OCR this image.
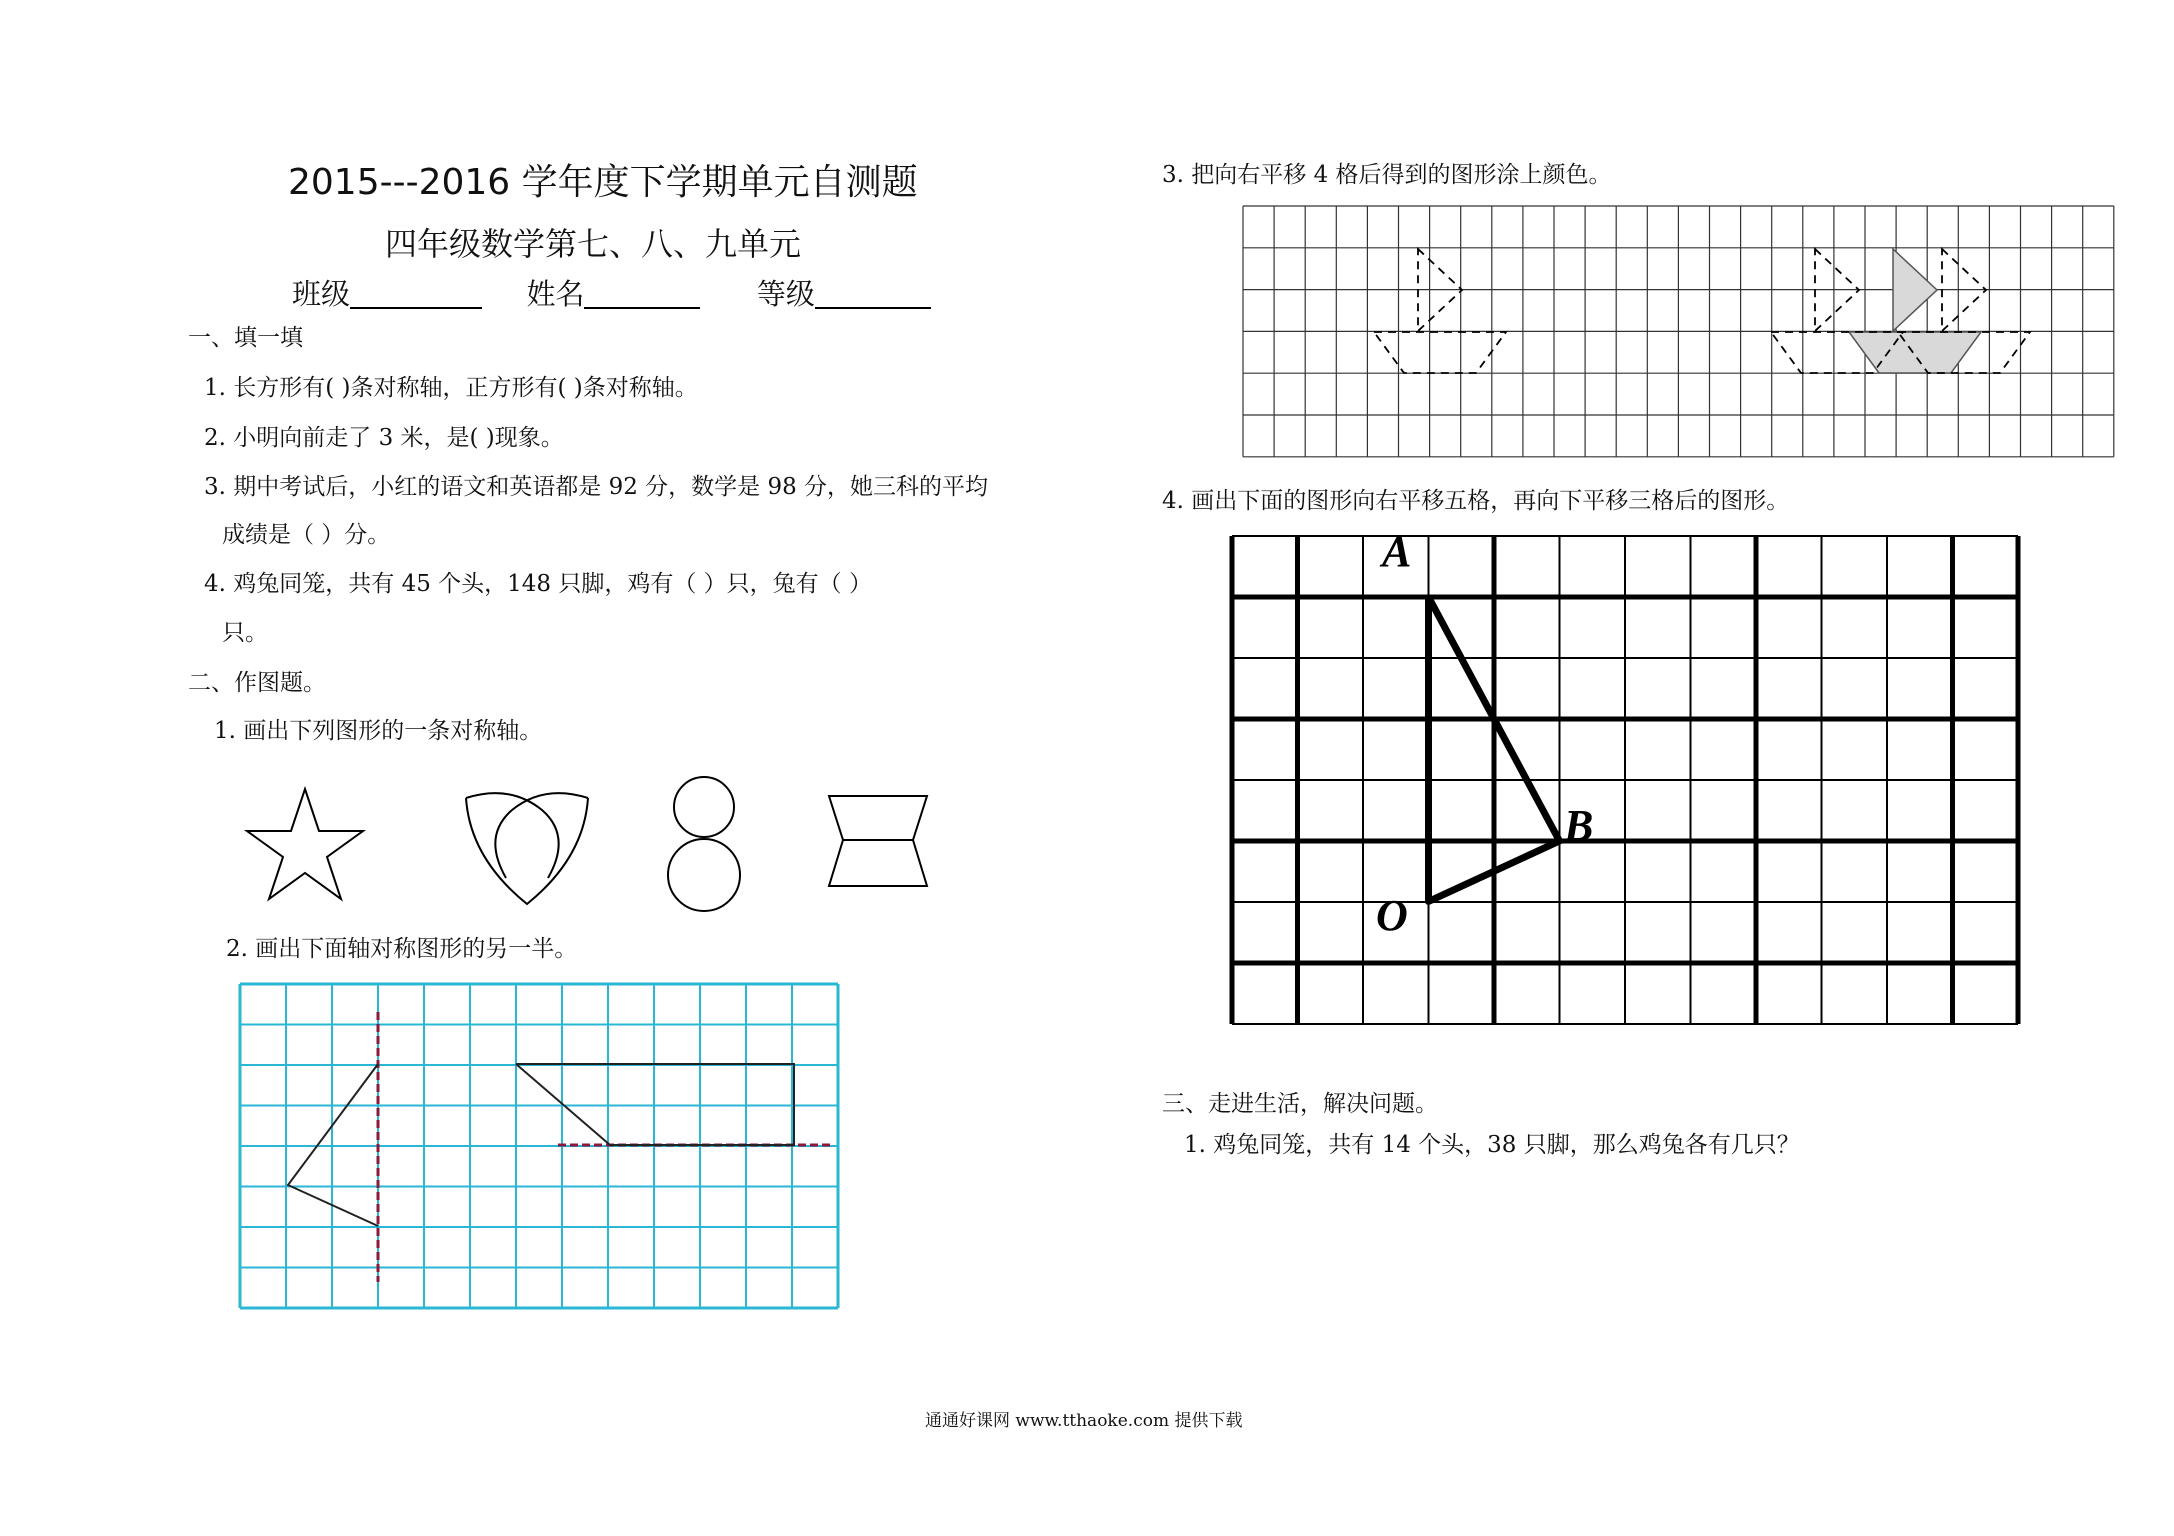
2015---2016 学年度下学期单元自测题
四年级数学第七、八、九单元
班级	姓名	等级
一、填一填
1. 长方形有( )条对称轴，正方形有( )条对称轴。
2. 小明向前走了 3 米，是( )现象。
3. 期中考试后，小红的语文和英语都是 92 分，数学是 98 分，她三科的平均
成绩是（ ）分。
4. 鸡兔同笼，共有 45 个头，148 只脚，鸡有（ ）只，兔有（ ）
只。
二、作图题。
1. 画出下列图形的一条对称轴。
2. 画出下面轴对称图形的另一半。
3. 把向右平移 4 格后得到的图形涂上颜色。
4. 画出下面的图形向右平移五格，再向下平移三格后的图形。
A
B
O
三、走进生活，解决问题。
1. 鸡兔同笼，共有 14 个头，38 只脚，那么鸡兔各有几只？
通通好课网 www.tthaoke.com 提供下载
